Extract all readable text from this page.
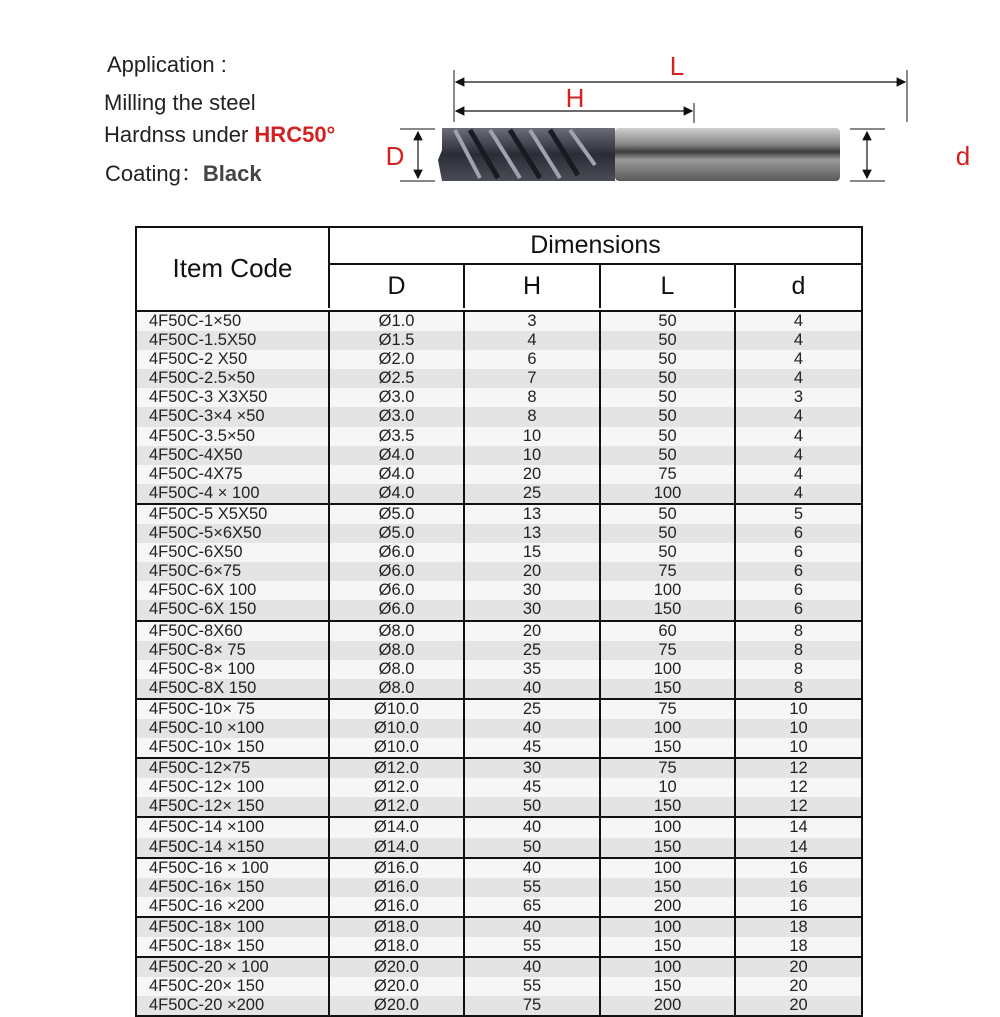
Application :
Milling the steel
Hardnss under HRC50°
Coating：Black
L
H
D	d
Item Code
Dimensions
D	H	L	d
4F50C-1×50	Ø1.0	3	50	4
4F50C-1.5X50	Ø1.5	4	50	4
4F50C-2 X50	Ø2.0	6	50	4
4F50C-2.5×50	Ø2.5	7	50	4
4F50C-3 X3X50	Ø3.0	8	50	3
4F50C-3×4 ×50	Ø3.0	8	50	4
4F50C-3.5×50	Ø3.5	10	50	4
4F50C-4X50	Ø4.0	10	50	4
4F50C-4X75	Ø4.0	20	75	4
4F50C-4 × 100	Ø4.0	25	100	4
4F50C-5 X5X50	Ø5.0	13	50	5
4F50C-5×6X50	Ø5.0	13	50	6
4F50C-6X50	Ø6.0	15	50	6
4F50C-6×75	Ø6.0	20	75	6
4F50C-6X 100	Ø6.0	30	100	6
4F50C-6X 150	Ø6.0	30	150	6
4F50C-8X60	Ø8.0	20	60	8
4F50C-8× 75	Ø8.0	25	75	8
4F50C-8× 100	Ø8.0	35	100	8
4F50C-8X 150	Ø8.0	40	150	8
4F50C-10× 75	Ø10.0	25	75	10
4F50C-10 ×100	Ø10.0	40	100	10
4F50C-10× 150	Ø10.0	45	150	10
4F50C-12×75	Ø12.0	30	75	12
4F50C-12× 100	Ø12.0	45	10	12
4F50C-12× 150	Ø12.0	50	150	12
4F50C-14 ×100	Ø14.0	40	100	14
4F50C-14 ×150	Ø14.0	50	150	14
4F50C-16 × 100	Ø16.0	40	100	16
4F50C-16× 150	Ø16.0	55	150	16
4F50C-16 ×200	Ø16.0	65	200	16
4F50C-18× 100	Ø18.0	40	100	18
4F50C-18× 150	Ø18.0	55	150	18
4F50C-20 × 100	Ø20.0	40	100	20
4F50C-20× 150	Ø20.0	55	150	20
4F50C-20 ×200	Ø20.0	75	200	20
